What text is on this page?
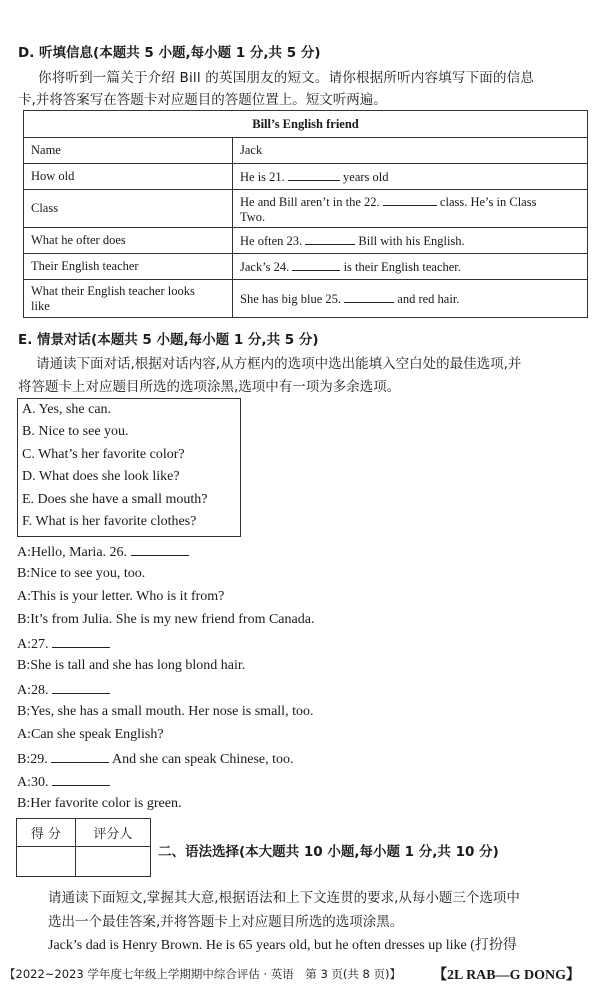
D. 听填信息(本题共 5 小题,每小题 1 分,共 5 分)
你将听到一篇关于介绍 Bill 的英国朋友的短文。请你根据所听内容填写下面的信息
卡,并将答案写在答题卡对应题目的答题位置上。短文听两遍。
Bill’s English friend	
Name	Jack
How old	He is 21. years old
Class	He and Bill aren’t in the 22. class. He’s in Class
Two.
What he ofter does	He often 23. Bill with his English.
Their English teacher	Jack’s 24. is their English teacher.
What their English teacher looks
like	She has big blue 25. and red hair.
E. 情景对话(本题共 5 小题,每小题 1 分,共 5 分)
请通读下面对话,根据对话内容,从方框内的选项中选出能填入空白处的最佳选项,并
将答题卡上对应题目所选的选项涂黑,选项中有一项为多余选项。
A. Yes, she can.
B. Nice to see you.
C. What’s her favorite color?
D. What does she look like?
E. Does she have a small mouth?
F. What is her favorite clothes?
A:Hello, Maria. 26.
B:Nice to see you, too.
A:This is your letter. Who is it from?
B:It’s from Julia. She is my new friend from Canada.
A:27.
B:She is tall and she has long blond hair.
A:28.
B:Yes, she has a small mouth. Her nose is small, too.
A:Can she speak English?
B:29.	And she can speak Chinese, too.
A:30.
B:Her favorite color is green.
得 分	评分人

二、语法选择(本大题共 10 小题,每小题 1 分,共 10 分)
请通读下面短文,掌握其大意,根据语法和上下文连贯的要求,从每小题三个选项中
选出一个最佳答案,并将答题卡上对应题目所选的选项涂黑。
Jack’s dad is Henry Brown. He is 65 years old, but he often dresses up like (打扮得
【2022~2023 学年度七年级上学期期中综合评估 · 英语　第 3 页(共 8 页)】 【2L RAB—G DONG】
